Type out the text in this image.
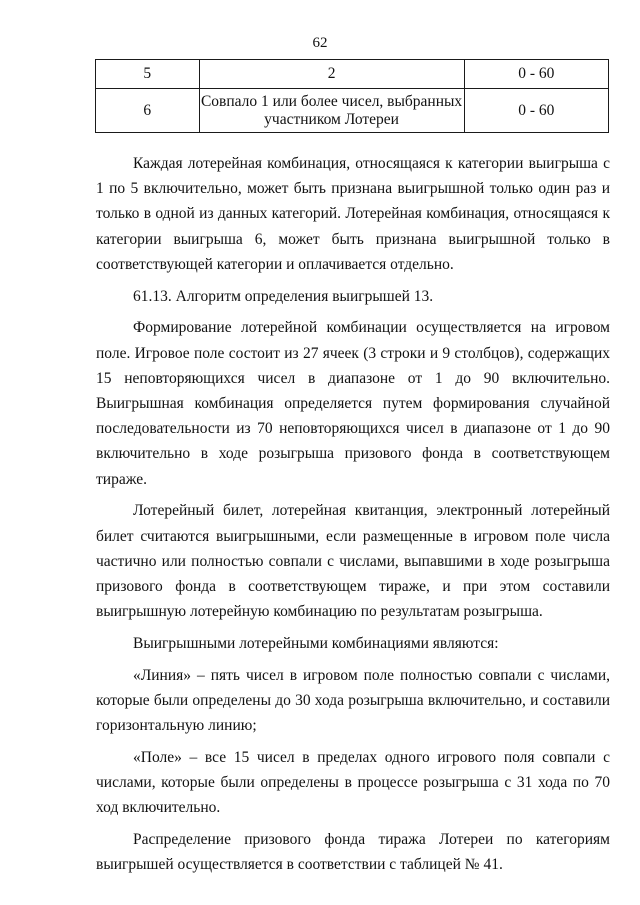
62
5	2	0 - 60
6	Совпало 1 или более чисел, выбранных участником Лотереи	0 - 60

Каждая лотерейная комбинация, относящаяся к категории выигрыша с 1 по 5 включительно, может быть признана выигрышной только один раз и только в одной из данных категорий. Лотерейная комбинация, относящаяся к категории выигрыша 6, может быть признана выигрышной только в соответствующей категории и оплачивается отдельно.

61.13. Алгоритм определения выигрышей 13.

Формирование лотерейной комбинации осуществляется на игровом поле. Игровое поле состоит из 27 ячеек (3 строки и 9 столбцов), содержащих 15 неповторяющихся чисел в диапазоне от 1 до 90 включительно. Выигрышная комбинация определяется путем формирования случайной последовательности из 70 неповторяющихся чисел в диапазоне от 1 до 90 включительно в ходе розыгрыша призового фонда в соответствующем тираже.

Лотерейный билет, лотерейная квитанция, электронный лотерейный билет считаются выигрышными, если размещенные в игровом поле числа частично или полностью совпали с числами, выпавшими в ходе розыгрыша призового фонда в соответствующем тираже, и при этом составили выигрышную лотерейную комбинацию по результатам розыгрыша.

Выигрышными лотерейными комбинациями являются:

«Линия» – пять чисел в игровом поле полностью совпали с числами, которые были определены до 30 хода розыгрыша включительно, и составили горизонтальную линию;

«Поле» – все 15 чисел в пределах одного игрового поля совпали с числами, которые были определены в процессе розыгрыша с 31 хода по 70 ход включительно.

Распределение призового фонда тиража Лотереи по категориям выигрышей осуществляется в соответствии с таблицей № 41.
